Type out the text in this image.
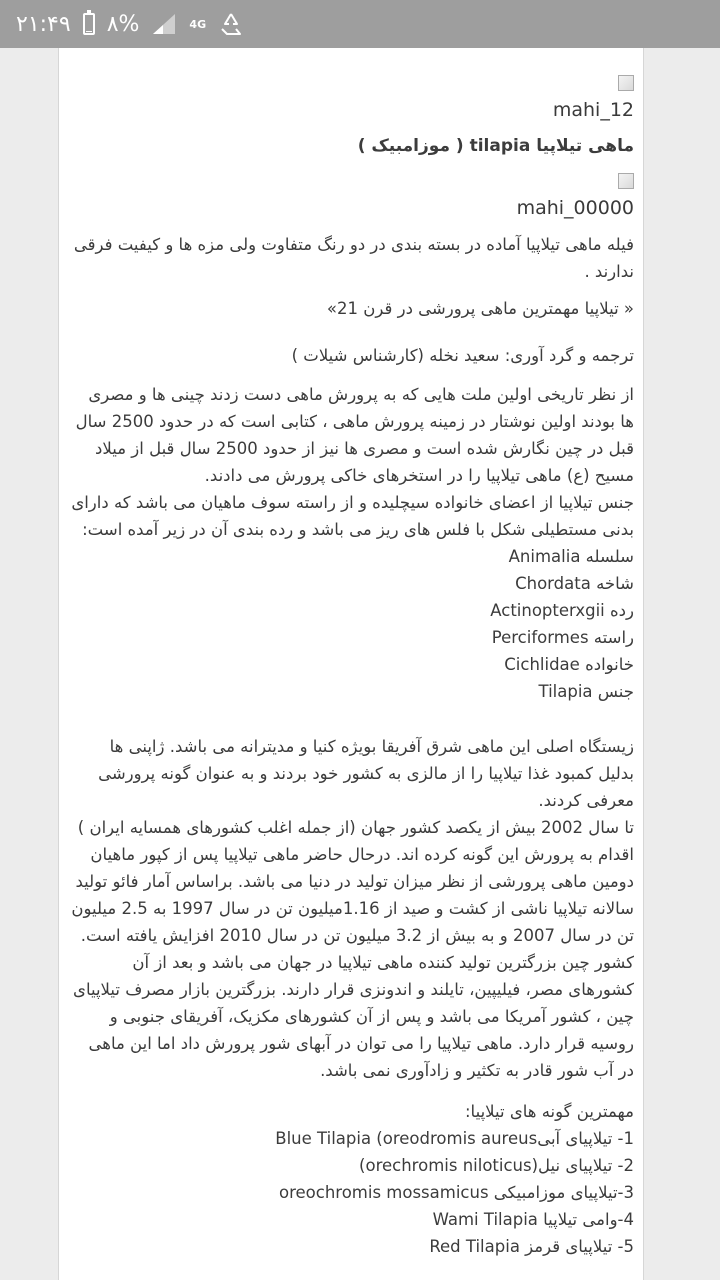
۲۱:۴۹ ۸%	4G
mahi_12
ماهی تیلاپیا tilapia ( موزامبیک )
mahi_00000

فیله ماهی تیلاپیا آماده در بسته بندی در دو رنگ متفاوت ولی مزه ها و کیفیت فرقی ندارند .

« تیلاپیا مهمترین ماهی پرورشی در قرن 21»

ترجمه و گرد آوری: سعید نخله (کارشناس شیلات )

از نظر تاریخی اولین ملت هایی که به پرورش ماهی دست زدند چینی ها و مصری ها بودند اولین نوشتار در زمینه پرورش ماهی ، کتابی است که در حدود 2500 سال قبل در چین نگارش شده است و مصری ها نیز از حدود 2500 سال قبل از میلاد مسیح (ع) ماهی تیلاپیا را در استخرهای خاکی پرورش می دادند.

جنس تیلاپیا از اعضای خانواده سیچلیده و از راسته سوف ماهیان می باشد که دارای بدنی مستطیلی شکل با فلس های ریز می باشد و رده بندی آن در زیر آمده است:

سلسله Animalia
شاخه Chordata
رده Actinopterxgii
راسته Perciformes
خانواده Cichlidae
جنس Tilapia

زیستگاه اصلی این ماهی شرق آفریقا بویژه کنیا و مدیترانه می باشد. ژاپنی ها بدلیل کمبود غذا تیلاپیا را از مالزی به کشور خود بردند و به عنوان گونه پرورشی معرفی کردند.

تا سال 2002 بیش از یکصد کشور جهان (از جمله اغلب کشورهای همسایه ایران ) اقدام به پرورش این گونه کرده اند. درحال حاضر ماهی تیلاپیا پس از کپور ماهیان دومین ماهی پرورشی از نظر میزان تولید در دنیا می باشد. براساس آمار فائو تولید سالانه تیلاپیا ناشی از کشت و صید از 1.16میلیون تن در سال 1997 به 2.5 میلیون تن در سال 2007 و به بیش از 3.2 میلیون تن در سال 2010 افزایش یافته است. کشور چین بزرگترین تولید کننده ماهی تیلاپیا در جهان می باشد و بعد از آن کشورهای مصر، فیلیپین، تایلند و اندونزی قرار دارند. بزرگترین بازار مصرف تیلاپیای چین ، کشور آمریکا می باشد و پس از آن کشورهای مکزیک، آفریقای جنوبی و روسیه قرار دارد. ماهی تیلاپیا را می توان در آبهای شور پرورش داد اما این ماهی در آب شور قادر به تکثیر و زادآوری نمی باشد.

مهمترین گونه های تیلاپیا:

1- تیلاپیای آبیBlue Tilapia (oreodromis aureus
2- تیلاپیای نیل(orechromis niloticus)
3-تیلاپیای موزامبیکی oreochromis mossamicus
4-وامی تیلاپیا Wami Tilapia
5- تیلاپیای قرمز Red Tilapia
